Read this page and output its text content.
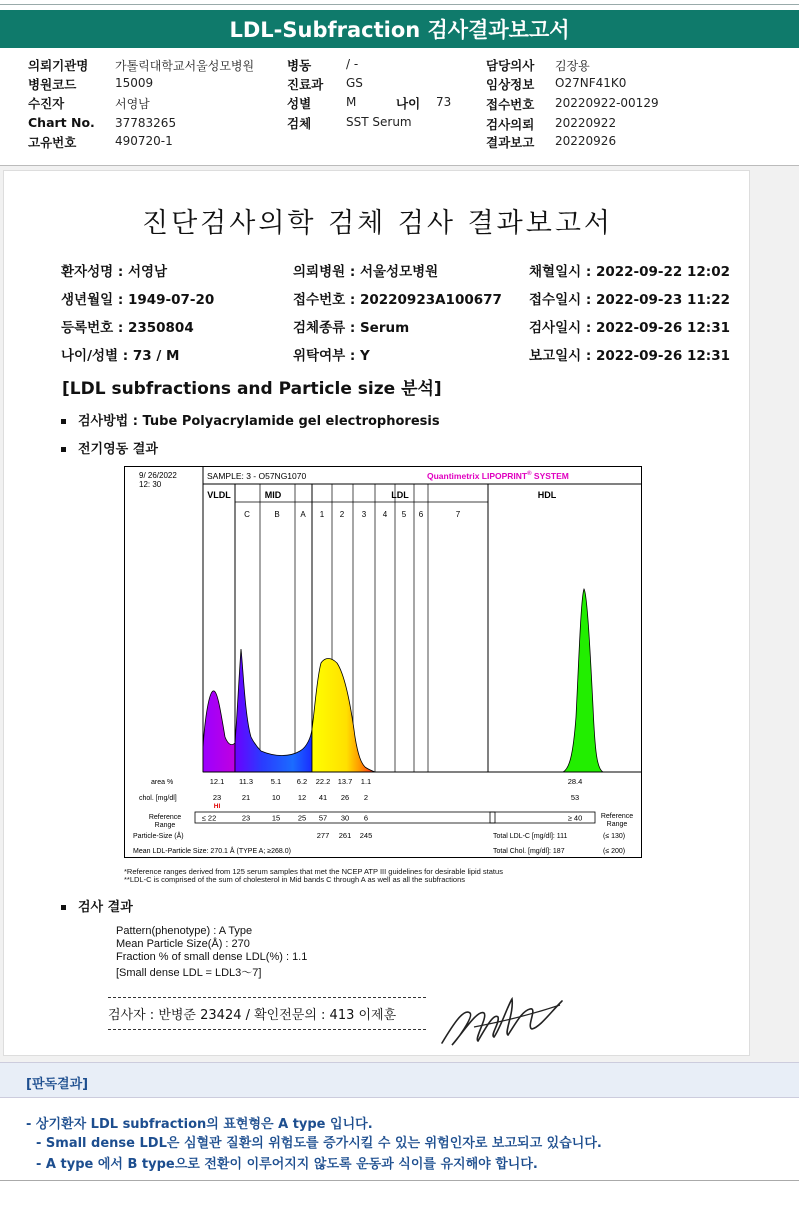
LDL-Subfraction 검사결과보고서
의뢰기관명 가톨릭대학교서울성모병원
병원코드	15009
수진자	서영남
Chart No. 37783265
고유번호	490720-1
병동	/ -
진료과 GS
성별	M	나이 73
검체	SST Serum
담당의사 김장용
임상정보 O27NF41K0
접수번호 20220922-00129
검사의뢰 20220922
결과보고 20220926
진단검사의학 검체 검사 결과보고서
환자성명 : 서영남	의뢰병원 : 서울성모병원	채혈일시 : 2022-09-22 12:02
생년월일 : 1949-07-20	접수번호 : 20220923A100677 접수일시 : 2022-09-23 11:22
등록번호 : 2350804	검체종류 : Serum	검사일시 : 2022-09-26 12:31
나이/성별 : 73 / M	위탁여부 : Y	보고일시 : 2022-09-26 12:31
[LDL subfractions and Particle size 분석]
검사방법 : Tube Polyacrylamide gel electrophoresis
전기영동 결과
9/ 26/2022
12: 30
SAMPLE: 3 - O57NG1070	Quantimetrix LIPOPRINT® SYSTEM
VLDL	MID	LDL	HDL
C	B	A 1 2 3 4 5 6	7
area %	12.1 11.3 5.1 6.2 22.2 13.7 1.1	28.4
chol. [mg/dl]	23	21	10 12 41 26 2	53
HI
Reference
Range
≤ 22	23	15 25 57 30 6	≥ 40	Reference
Range
Particle-Size (Å)	277 261 245
Mean LDL-Particle Size: 270.1 Å (TYPE A; ≥268.0)
Total LDL-C [mg/dl]: 111	(≤ 130)
Total Chol. [mg/dl]: 187	(≤ 200)
*Reference ranges derived from 125 serum samples that met the NCEP ATP III guidelines for desirable lipid status
**LDL-C is comprised of the sum of cholesterol in Mid bands C through A as well as all the subfractions
검사 결과
Pattern(phenotype) : A Type
Mean Particle Size(Å) : 270
Fraction % of small dense LDL(%) : 1.1
[Small dense LDL = LDL3～7]
검사자 : 반병준 23424 / 확인전문의 : 413 이제훈
[판독결과]
- 상기환자 LDL subfraction의 표현형은 A type 입니다.
- Small dense LDL은 심혈관 질환의 위험도를 증가시킬 수 있는 위험인자로 보고되고 있습니다.
- A type 에서 B type으로 전환이 이루어지지 않도록 운동과 식이를 유지해야 합니다.
